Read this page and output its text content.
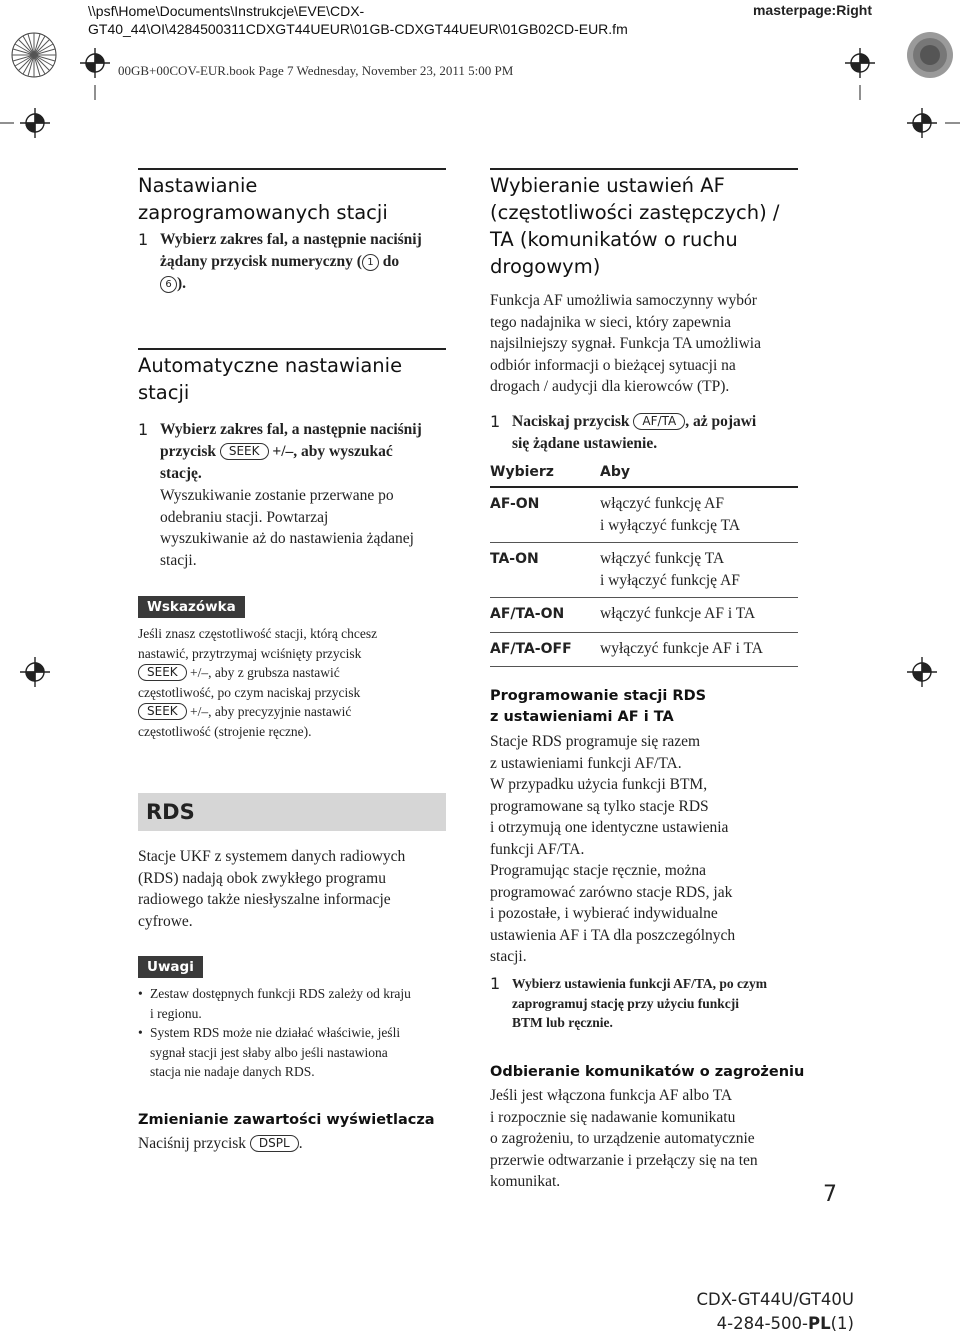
\\psf\Home\Documents\Instrukcje\EVE\CDX-
GT40_44\OI\4284500311CDXGT44UEUR\01GB-CDXGT44UEUR\01GB02CD-EUR.fm
masterpage:Right
00GB+00COV-EUR.book Page 7 Wednesday, November 23, 2011 5:00 PM
Nastawianie
zaprogramowanych stacji
1 Wybierz zakres fal, a następnie naciśnij
żądany przycisk numeryczny ( 1 do
6 ).
Automatyczne nastawianie
stacji
1 Wybierz zakres fal, a następnie naciśnij
przycisk SEEK +/–, aby wyszukać
stację.
Wyszukiwanie zostanie przerwane po
odebraniu stacji. Powtarzaj
wyszukiwanie aż do nastawienia żądanej
stacji.
Wskazówka
Jeśli znasz częstotliwość stacji, którą chcesz
nastawić, przytrzymaj wciśnięty przycisk
SEEK +/–, aby z grubsza nastawić
częstotliwość, po czym naciskaj przycisk
SEEK +/–, aby precyzyjnie nastawić
częstotliwość (strojenie ręczne).
RDS
Stacje UKF z systemem danych radiowych
(RDS) nadają obok zwykłego programu
radiowego także niesłyszalne informacje
cyfrowe.
Uwagi
• Zestaw dostępnych funkcji RDS zależy od kraju
i regionu.
• System RDS może nie działać właściwie, jeśli
sygnał stacji jest słaby albo jeśli nastawiona
stacja nie nadaje danych RDS.
Zmienianie zawartości wyświetlacza
Naciśnij przycisk DSPL .
Wybieranie ustawień AF
(częstotliwości zastępczych) /
TA (komunikatów o ruchu
drogowym)
Funkcja AF umożliwia samoczynny wybór
tego nadajnika w sieci, który zapewnia
najsilniejszy sygnał. Funkcja TA umożliwia
odbiór informacji o bieżącej sytuacji na
drogach / audycji dla kierowców (TP).
1 Naciskaj przycisk AF/TA , aż pojawi
się żądane ustawienie.
Wybierz	Aby
AF-ON	włączyć funkcję AF
i wyłączyć funkcję TA

TA-ON	włączyć funkcję TA
i wyłączyć funkcję AF

AF/TA-ON	włączyć funkcje AF i TA

AF/TA-OFF	wyłączyć funkcje AF i TA
Programowanie stacji RDS
z ustawieniami AF i TA
Stacje RDS programuje się razem
z ustawieniami funkcji AF/TA.
W przypadku użycia funkcji BTM,
programowane są tylko stacje RDS
i otrzymują one identyczne ustawienia
funkcji AF/TA.
Programując stacje ręcznie, można
programować zarówno stacje RDS, jak
i pozostałe, i wybierać indywidualne
ustawienia AF i TA dla poszczególnych
stacji.
1 Wybierz ustawienia funkcji AF/TA, po czym
zaprogramuj stację przy użyciu funkcji
BTM lub ręcznie.
Odbieranie komunikatów o zagrożeniu
Jeśli jest włączona funkcja AF albo TA
i rozpocznie się nadawanie komunikatu
o zagrożeniu, to urządzenie automatycznie
przerwie odtwarzanie i przełączy się na ten
komunikat.
7
CDX-GT44U/GT40U
4-284-500-PL(1)
